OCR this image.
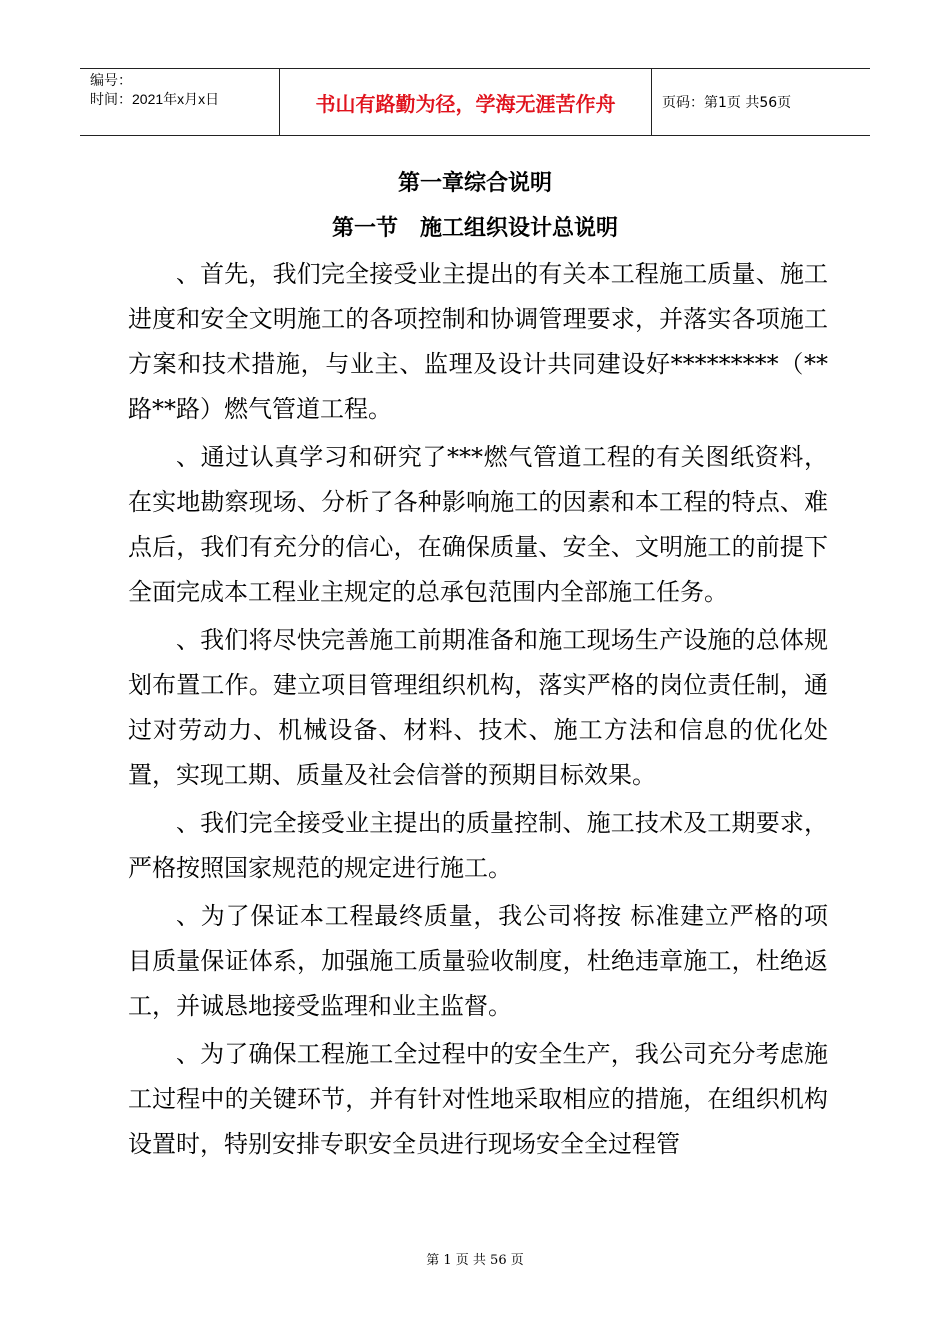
编号：
时间：2021年x月x日	书山有路勤为径，学海无涯苦作舟	页码：第1页 共56页
第一章综合说明
第一节　施工组织设计总说明

、首先，我们完全接受业主提出的有关本工程施工质量、施工进度和安全文明施工的各项控制和协调管理要求，并落实各项施工方案和技术措施，与业主、监理及设计共同建设好*********（**路**路）燃气管道工程。

、通过认真学习和研究了***燃气管道工程的有关图纸资料，在实地勘察现场、分析了各种影响施工的因素和本工程的特点、难点后，我们有充分的信心，在确保质量、安全、文明施工的前提下全面完成本工程业主规定的总承包范围内全部施工任务。

、我们将尽快完善施工前期准备和施工现场生产设施的总体规划布置工作。建立项目管理组织机构，落实严格的岗位责任制，通过对劳动力、机械设备、材料、技术、施工方法和信息的优化处置，实现工期、质量及社会信誉的预期目标效果。

、我们完全接受业主提出的质量控制、施工技术及工期要求，严格按照国家规范的规定进行施工。

、为了保证本工程最终质量，我公司将按 标准建立严格的项目质量保证体系，加强施工质量验收制度，杜绝违章施工，杜绝返工，并诚恳地接受监理和业主监督。

、为了确保工程施工全过程中的安全生产，我公司充分考虑施工过程中的关键环节，并有针对性地采取相应的措施，在组织机构设置时，特别安排专职安全员进行现场安全全过程管

第 1 页 共 56 页
